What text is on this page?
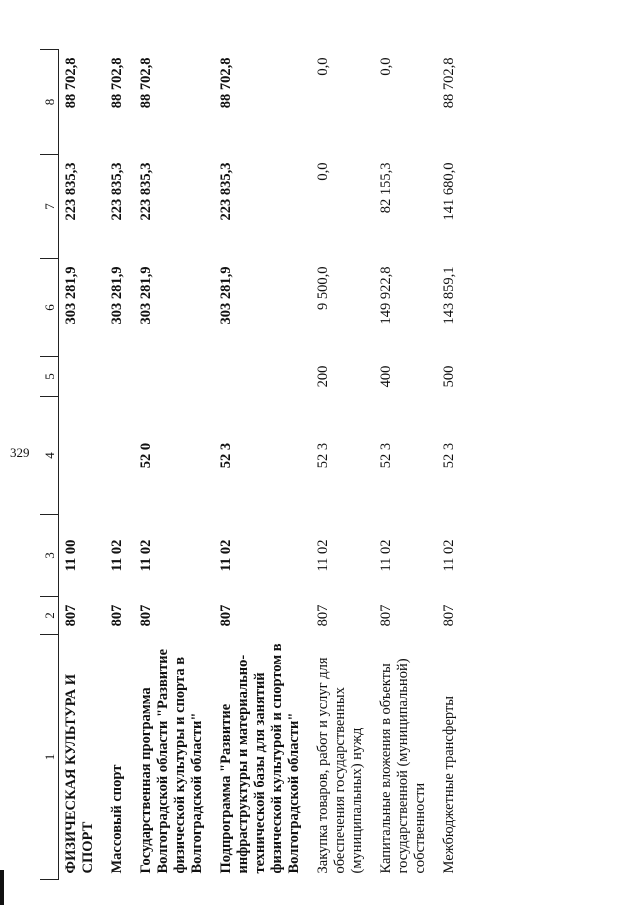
329
1	2	3	4	5	6	7	8
ФИЗИЧЕСКАЯ КУЛЬТУРА И СПОРТ	807	11 00			303 281,9	223 835,3	88 702,8
Массовый спорт	807	11 02			303 281,9	223 835,3	88 702,8
Государственная программа Волгоградской области "Развитие физической культуры и спорта в Волгоградской области"	807	11 02	52 0		303 281,9	223 835,3	88 702,8
Подпрограмма "Развитие инфраструктуры и материально-технической базы для занятий физической культурой и спортом в Волгоградской области"	807	11 02	52 3		303 281,9	223 835,3	88 702,8
Закупка товаров, работ и услуг для обеспечения государственных (муниципальных) нужд	807	11 02	52 3	200	9 500,0	0,0	0,0
Капитальные вложения в объекты государственной (муниципальной) собственности	807	11 02	52 3	400	149 922,8	82 155,3	0,0
Межбюджетные трансферты	807	11 02	52 3	500	143 859,1	141 680,0	88 702,8
